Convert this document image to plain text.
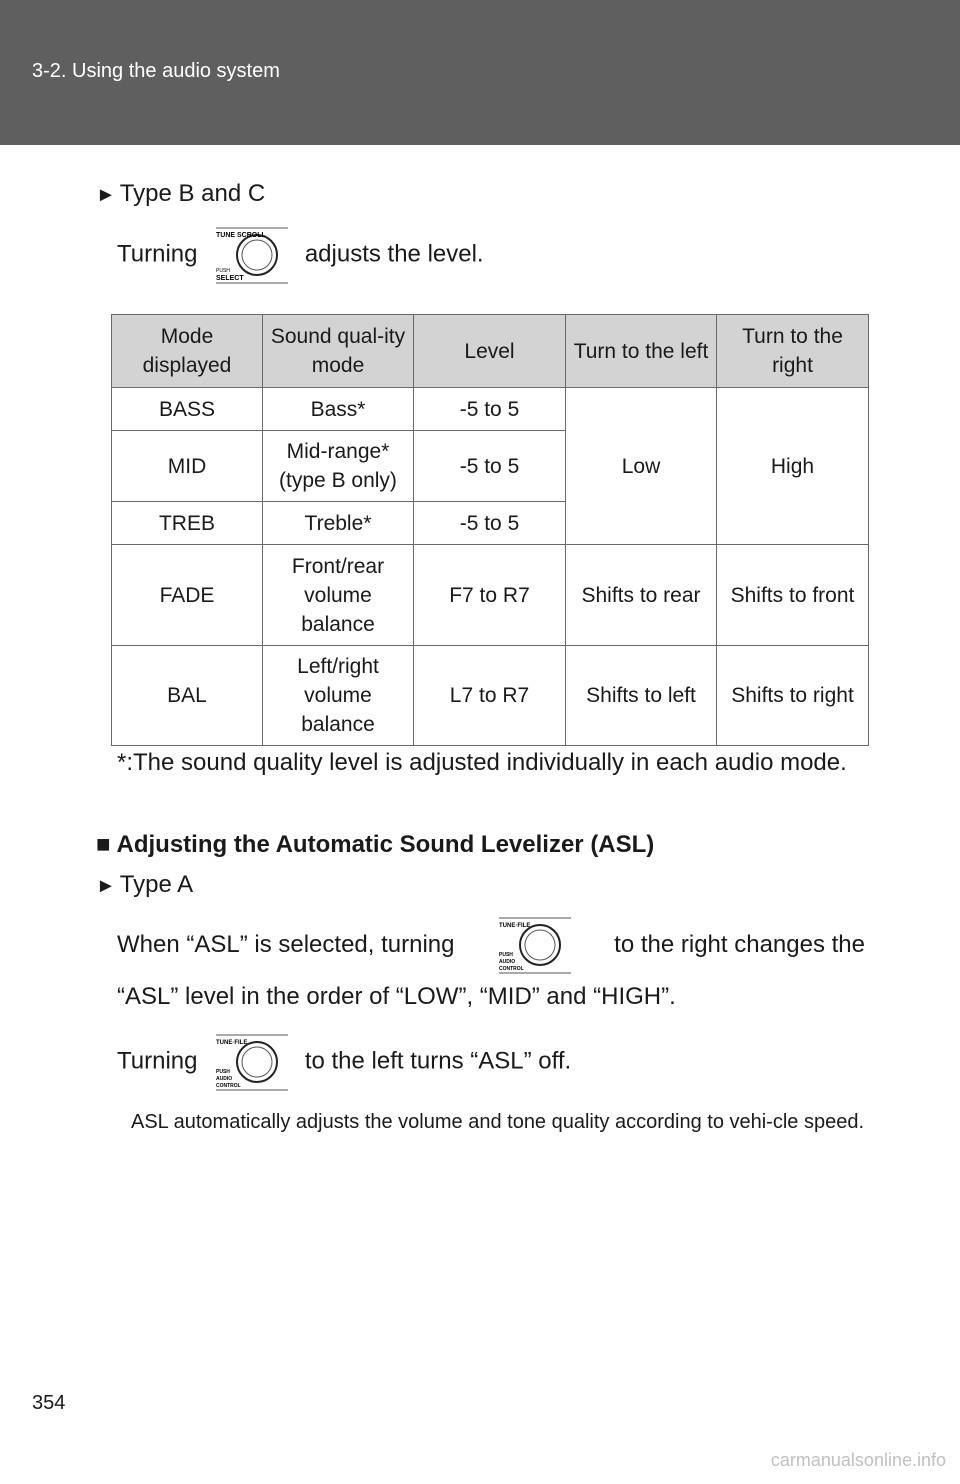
3-2. Using the audio system
► Type B and C
Turning
TUNE SCROLL
PUSH
SELECT
adjusts the level.
Mode displayed	Sound qual-ity mode	Level	Turn to the left	Turn to the right
BASS	Bass*	-5 to 5	Low	High
MID	Mid-range* (type B only)	-5 to 5		
TREB	Treble*	-5 to 5		
FADE	Front/rear volume balance	F7 to R7	Shifts to rear	Shifts to front
BAL	Left/right volume balance	L7 to R7	Shifts to left	Shifts to right
*:The sound quality level is adjusted individually in each audio mode.
■ Adjusting the Automatic Sound Levelizer (ASL)
► Type A
When “ASL” is selected, turning
TUNE·FILE
PUSH
AUDIO
CONTROL
to the right changes the
“ASL” level in the order of “LOW”, “MID” and “HIGH”.
Turning
TUNE·FILE
PUSH
AUDIO
CONTROL
to the left turns “ASL” off.
ASL automatically adjusts the volume and tone quality according to vehi-cle speed.
354
carmanualsonline.info
